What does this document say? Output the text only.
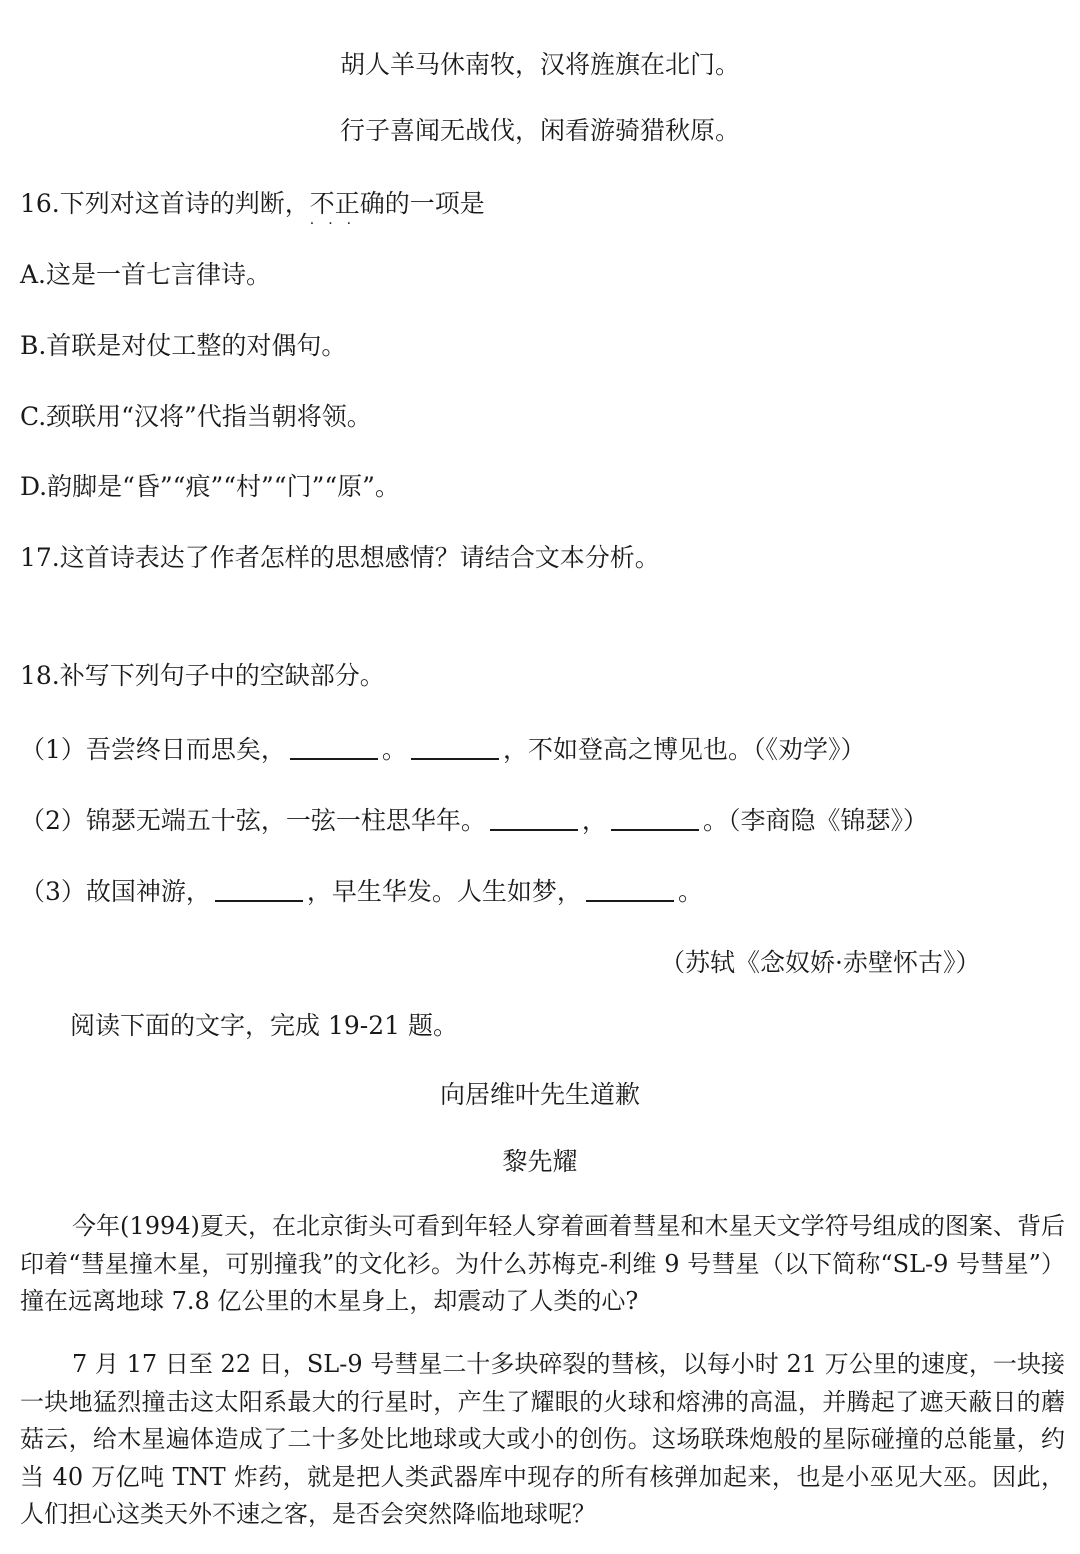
胡人羊马休南牧，汉将旌旗在北门。
行子喜闻无战伐，闲看游骑猎秋原。
16.下列对这首诗的判断，不正确
···
的一项是
A.这是一首七言律诗。
B.首联是对仗工整的对偶句。
C.颈联用“汉将”代指当朝将领。
D.韵脚是“昏”“痕”“村”“门”“原”。
17.这首诗表达了作者怎样的思想感情？请结合文本分析。
18.补写下列句子中的空缺部分。
（1）吾尝终日而思矣，	。	，不如登高之博见也。（《劝学》）
（2）锦瑟无端五十弦，一弦一柱思华年。	，	。（李商隐《锦瑟》）
（3）故国神游，	，早生华发。人生如梦，	。
（苏轼《念奴娇·赤壁怀古》）
阅读下面的文字，完成 19-21 题。
向居维叶先生道歉
黎先耀
今年(1994)夏天，在北京街头可看到年轻人穿着画着彗星和木星天文学符号组成的图案、背后印着“彗星撞木星，可别撞我”的文化衫。为什么苏梅克-利维 9 号彗星（以下简称“SL-9 号彗星”）撞在远离地球 7.8 亿公里的木星身上，却震动了人类的心?
7 月 17 日至 22 日，SL-9 号彗星二十多块碎裂的彗核，以每小时 21 万公里的速度，一块接一块地猛烈撞击这太阳系最大的行星时，产生了耀眼的火球和熔沸的高温，并腾起了遮天蔽日的蘑菇云，给木星遍体造成了二十多处比地球或大或小的创伤。这场联珠炮般的星际碰撞的总能量，约当 40 万亿吨 TNT 炸药，就是把人类武器库中现存的所有核弹加起来，也是小巫见大巫。因此，人们担心这类天外不速之客，是否会突然降临地球呢？
